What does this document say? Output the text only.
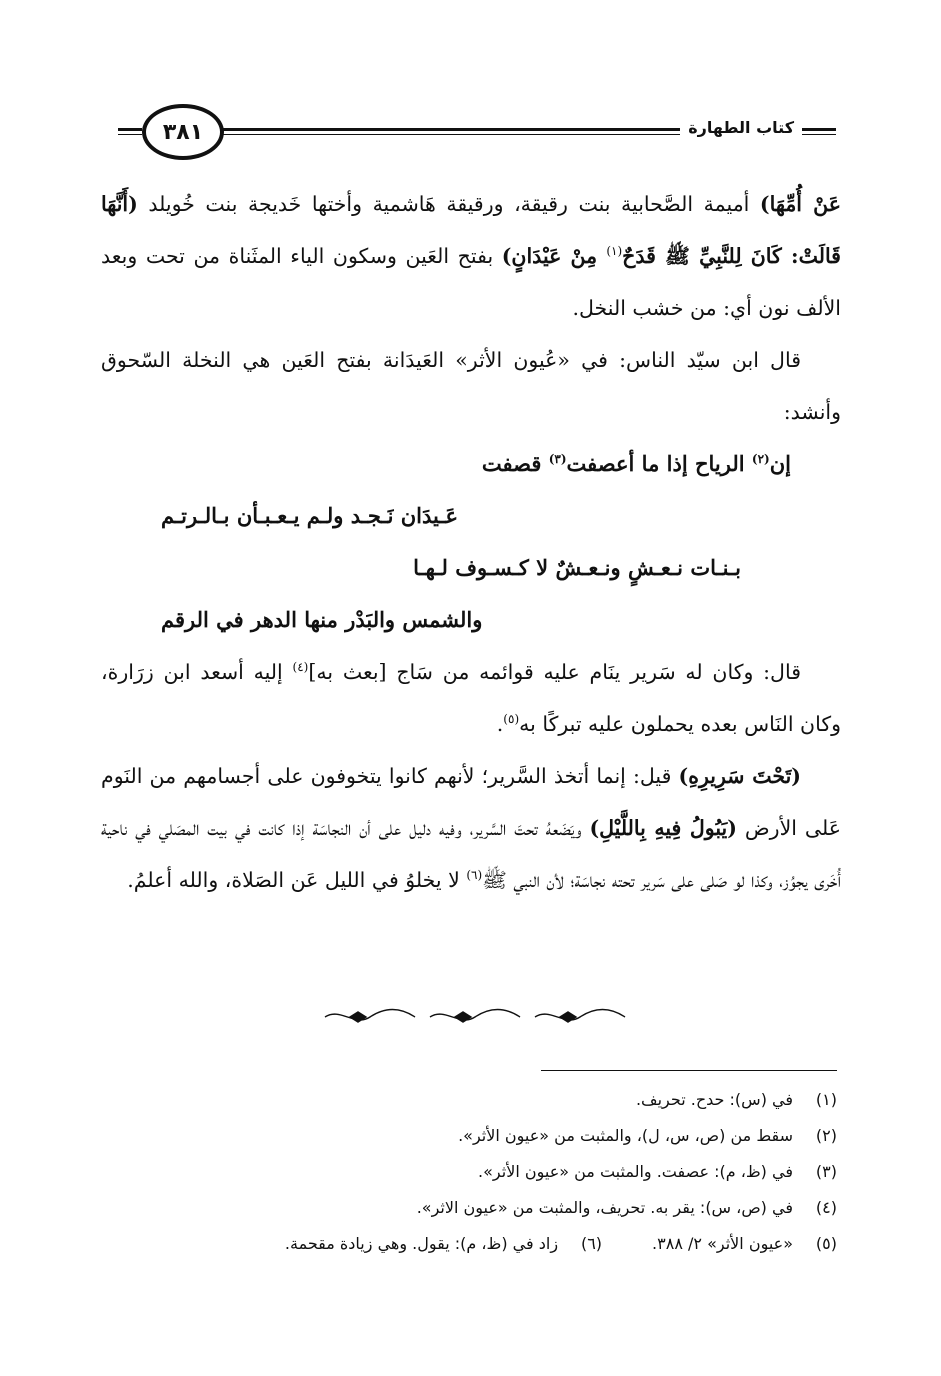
٣٨١	كتاب الطهارة

عَنْ أُمِّهَا) أميمة الصَّحابية بنت رقيقة، ورقيقة هَاشمية وأختها خَديجة بنت خُويلد (أَنَّهَا قَالَتْ: كَانَ لِلنَّبِيِّ ﷺ قَدَحٌ$^{(١)}$ مِنْ عَيْدَانٍ) بفتح العَين وسكون الياء المثَناة من تحت وبعد الألف نون أي: من خشب النخل.

قال ابن سيّد الناس: في «عُيون الأثر» العَيدَانة بفتح العَين هي النخلة السّحوق وأنشد:

إن$^{(٢)}$ الرياح إذا ما أعصفت$^{(٣)}$ قصفت
عَـيدَان نَـجـد ولـم يـعـبـأن بـالـرتـم
بـنـات نـعـشٍ ونـعـشٌ لا كـسـوف لـهـا
والشمس والبَدْر منها الدهر في الرقم

قال: وكان له سَرير ينَام عليه قوائمه من سَاج [بعث به]$^{(٤)}$ إليه أسعد ابن زرَارة، وكان النَاس بعده يحملون عليه تبركًا به$^{(٥)}$.

(تَحْتَ سَرِيرِهِ) قيل: إنما أتخذ السَّرير؛ لأنهم كانوا يتخوفون على أجسامهم من النَوم عَلى الأرض (يَبُولُ فِيهِ بِاللَّيْلِ) ويَضَعهُ تحتَ السَّرير، وفيه دليل على أن النجاسَة إذا كانت في بيت المصَلي في ناحية أُخَرى يجوُز، وكذا لو صَلى على سَرير تحته نجاسَة؛ لأن النبي ﷺ$^{(٦)}$ لا يخلوُ في الليل عَن الصَلاة، والله أعلمُ.

(١)في (س): حدح. تحريف.
(٢)سقط من (ص، س، ل)، والمثبت من «عيون الأثر».
(٣)في (ظ، م): عصفت. والمثبت من «عيون الأثر».
(٤)في (ص، س): يقر به. تحريف، والمثبت من «عيون الاثر».
(٥)«عيون الأثر» ٢/ ٣٨٨.(٦)زاد في (ظ، م): يقول. وهي زيادة مقحمة.
